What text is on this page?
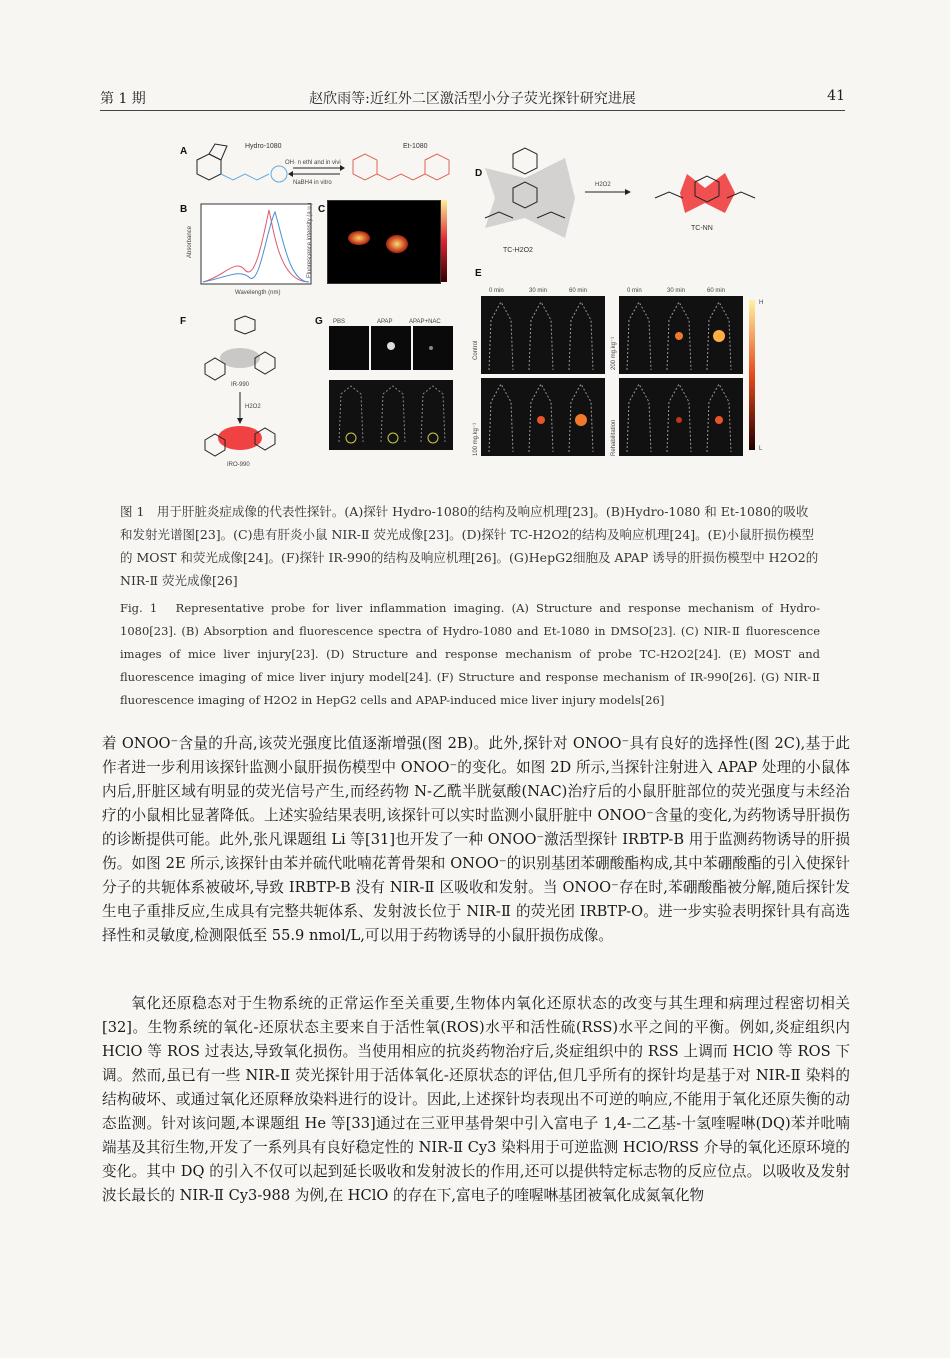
第 1 期	赵欣雨等:近红外二区激活型小分子荧光探针研究进展	41
A	Hydro-1080
OH· n ethl and in vivi
NaBH4 in vitro
Et-1080
B
Wavelength (nm)
Absorbance	Fluorescence intensity (a.u.) C
D
TC-H2O2
H2O2
TC-NN
E
0 min	30 min	60 min	0 min	30 min	60 min
Control
100 mg.kg⁻¹
200 mg.kg⁻¹
Rehabilitation
H
L
F
IR-990
H2O2
IRO-990
G PBS	APAP	APAP+NAC
图 1　用于肝脏炎症成像的代表性探针。(A)探针 Hydro-1080的结构及响应机理[23]。(B)Hydro-1080 和 Et-1080的吸收和发射光谱图[23]。(C)患有肝炎小鼠 NIR-Ⅱ 荧光成像[23]。(D)探针 TC-H2O2的结构及响应机理[24]。(E)小鼠肝损伤模型的 MOST 和荧光成像[24]。(F)探针 IR-990的结构及响应机理[26]。(G)HepG2细胞及 APAP 诱导的肝损伤模型中 H2O2的 NIR-Ⅱ 荧光成像[26]
Fig. 1　Representative probe for liver inflammation imaging. (A) Structure and response mechanism of Hydro-1080[23]. (B) Absorption and fluorescence spectra of Hydro-1080 and Et-1080 in DMSO[23]. (C) NIR-Ⅱ fluorescence images of mice liver injury[23]. (D) Structure and response mechanism of probe TC-H2O2[24]. (E) MOST and fluorescence imaging of mice liver injury model[24]. (F) Structure and response mechanism of IR-990[26]. (G) NIR-Ⅱ fluorescence imaging of H2O2 in HepG2 cells and APAP-induced mice liver injury models[26]
着 ONOO⁻含量的升高,该荧光强度比值逐渐增强(图 2B)。此外,探针对 ONOO⁻具有良好的选择性(图 2C),基于此作者进一步利用该探针监测小鼠肝损伤模型中 ONOO⁻的变化。如图 2D 所示,当探针注射进入 APAP 处理的小鼠体内后,肝脏区域有明显的荧光信号产生,而经药物 N-乙酰半胱氨酸(NAC)治疗后的小鼠肝脏部位的荧光强度与未经治疗的小鼠相比显著降低。上述实验结果表明,该探针可以实时监测小鼠肝脏中 ONOO⁻含量的变化,为药物诱导肝损伤的诊断提供可能。此外,张凡课题组 Li 等[31]也开发了一种 ONOO⁻激活型探针 IRBTP-B 用于监测药物诱导的肝损伤。如图 2E 所示,该探针由苯并硫代吡喃花菁骨架和 ONOO⁻的识别基团苯硼酸酯构成,其中苯硼酸酯的引入使探针分子的共轭体系被破坏,导致 IRBTP-B 没有 NIR-Ⅱ 区吸收和发射。当 ONOO⁻存在时,苯硼酸酯被分解,随后探针发生电子重排反应,生成具有完整共轭体系、发射波长位于 NIR-Ⅱ 的荧光团 IRBTP-O。进一步实验表明探针具有高选择性和灵敏度,检测限低至 55.9 nmol/L,可以用于药物诱导的小鼠肝损伤成像。
氧化还原稳态对于生物系统的正常运作至关重要,生物体内氧化还原状态的改变与其生理和病理过程密切相关[32]。生物系统的氧化-还原状态主要来自于活性氧(ROS)水平和活性硫(RSS)水平之间的平衡。例如,炎症组织内 HClO 等 ROS 过表达,导致氧化损伤。当使用相应的抗炎药物治疗后,炎症组织中的 RSS 上调而 HClO 等 ROS 下调。然而,虽已有一些 NIR-Ⅱ 荧光探针用于活体氧化-还原状态的评估,但几乎所有的探针均是基于对 NIR-Ⅱ 染料的结构破坏、或通过氧化还原释放染料进行的设计。因此,上述探针均表现出不可逆的响应,不能用于氧化还原失衡的动态监测。针对该问题,本课题组 He 等[33]通过在三亚甲基骨架中引入富电子 1,4-二乙基-十氢喹喔啉(DQ)苯并吡喃端基及其衍生物,开发了一系列具有良好稳定性的 NIR-Ⅱ Cy3 染料用于可逆监测 HClO/RSS 介导的氧化还原环境的变化。其中 DQ 的引入不仅可以起到延长吸收和发射波长的作用,还可以提供特定标志物的反应位点。以吸收及发射波长最长的 NIR-Ⅱ Cy3-988 为例,在 HClO 的存在下,富电子的喹喔啉基团被氧化成氮氧化物
